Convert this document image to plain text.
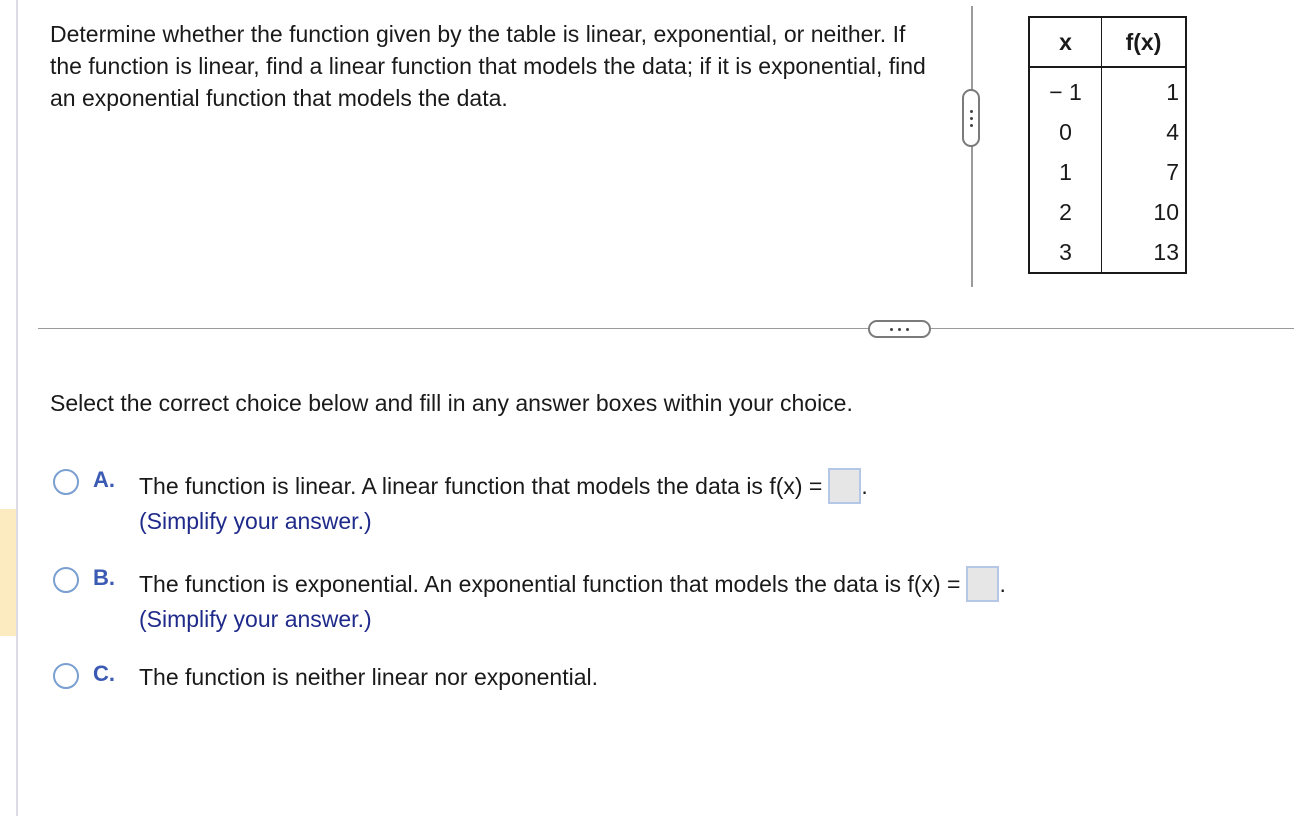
Determine whether the function given by the table is linear, exponential, or neither. If the function is linear, find a linear function that models the data; if it is exponential, find an exponential function that models the data.
x	f(x)
− 1	1
0	4
1	7
2	10
3	13
Select the correct choice below and fill in any answer boxes within your choice.
A. The function is linear. A linear function that models the data is f(x) = .
(Simplify your answer.)
B. The function is exponential. An exponential function that models the data is f(x) = .
(Simplify your answer.)
C. The function is neither linear nor exponential.
